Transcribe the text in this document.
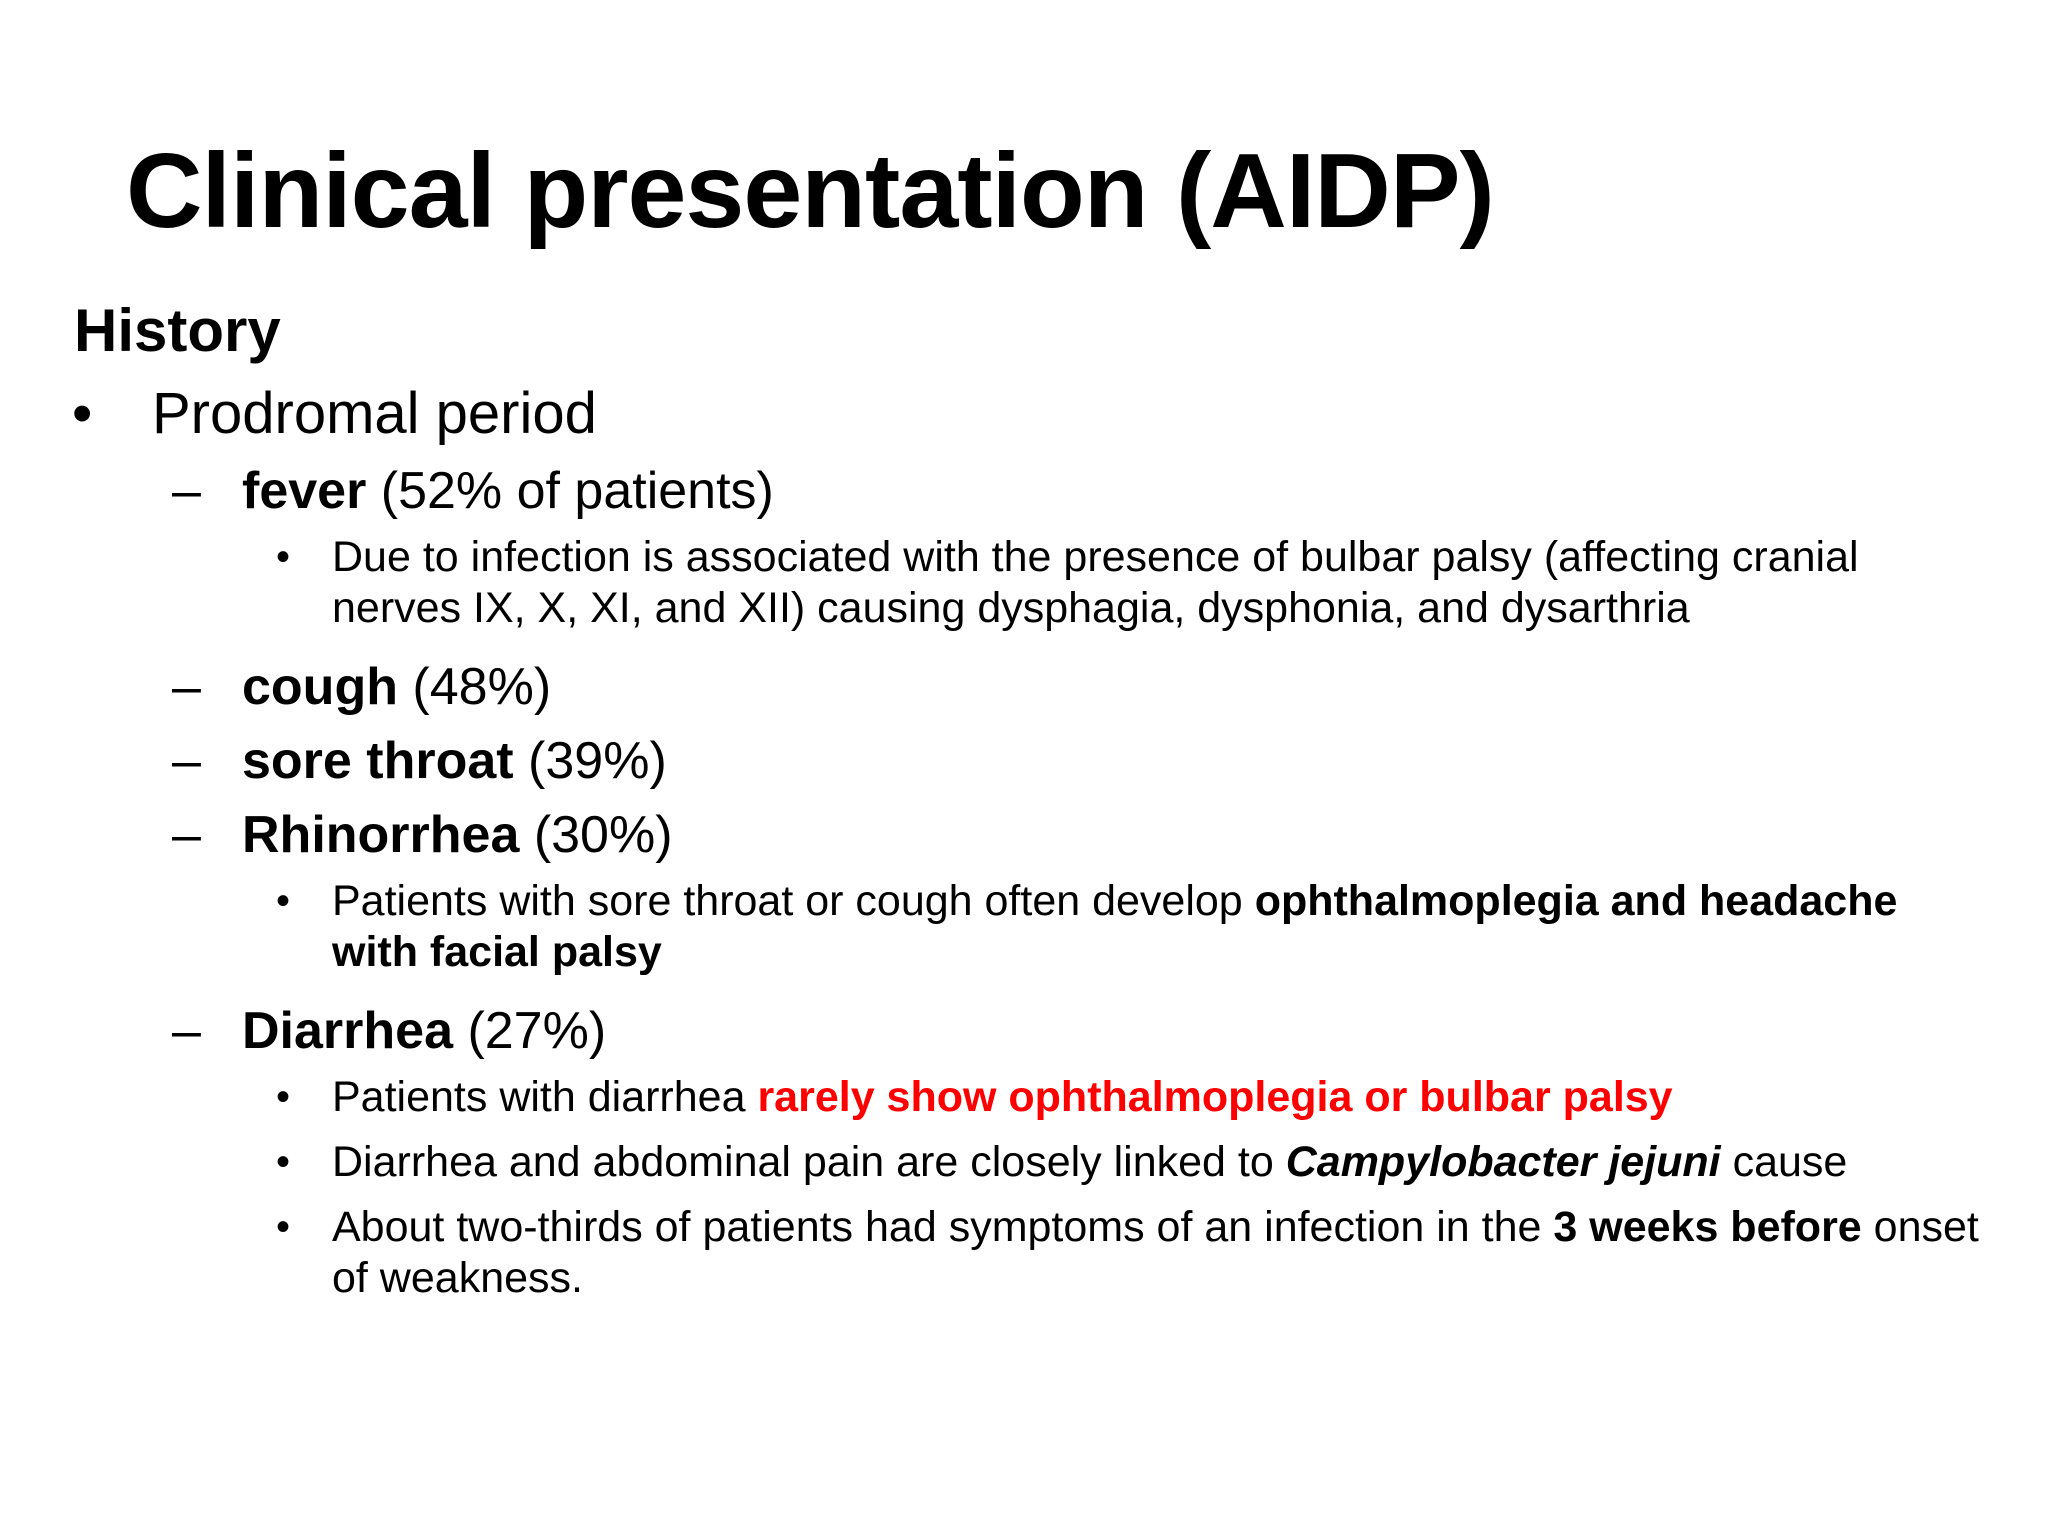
Clinical presentation (AIDP)
History
• Prodromal period
– fever (52% of patients)
• Due to infection is associated with the presence of bulbar palsy (affecting cranial nerves IX, X, XI, and XII) causing dysphagia, dysphonia, and dysarthria
– cough (48%)
– sore throat (39%)
– Rhinorrhea (30%)
• Patients with sore throat or cough often develop ophthalmoplegia and headache with facial palsy
– Diarrhea (27%)
• Patients with diarrhea rarely show ophthalmoplegia or bulbar palsy
• Diarrhea and abdominal pain are closely linked to Campylobacter jejuni cause
• About two-thirds of patients had symptoms of an infection in the 3 weeks before onset of weakness.
